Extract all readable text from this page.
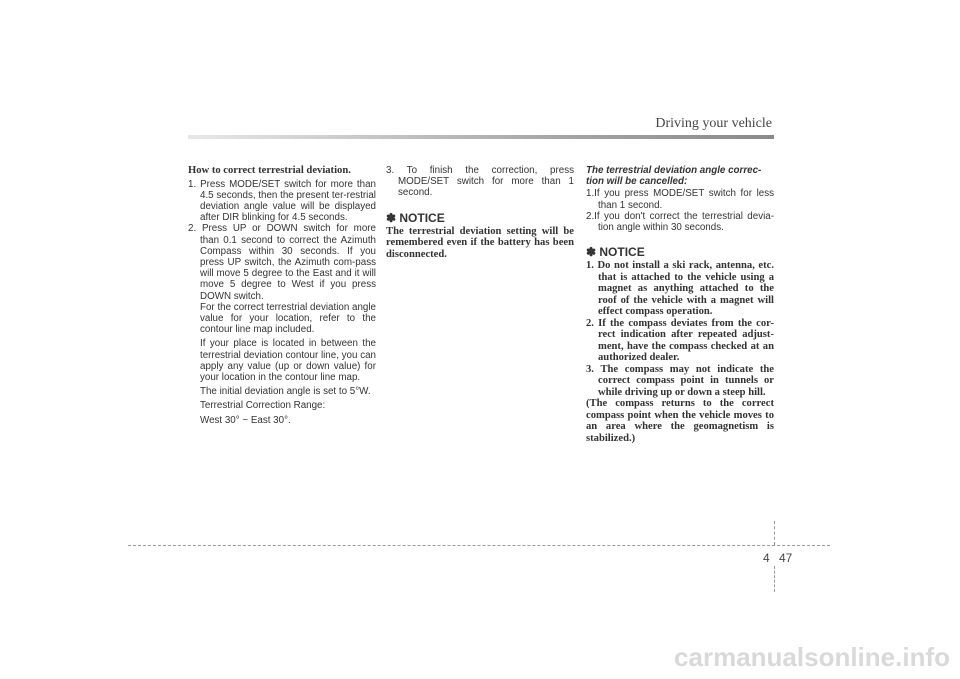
Driving your vehicle
How to correct terrestrial deviation.
1. Press MODE/SET switch for more than 4.5 seconds, then the present ter-restrial deviation angle value will be displayed after DIR blinking for 4.5 seconds.
2. Press UP or DOWN switch for more than 0.1 second to correct the Azimuth Compass within 30 seconds. If you press UP switch, the Azimuth com-pass will move 5 degree to the East and it will move 5 degree to West if you press DOWN switch.
For the correct terrestrial deviation angle value for your location, refer to the contour line map included.
If your place is located in between the terrestrial deviation contour line, you can apply any value (up or down value) for your location in the contour line map.
The initial deviation angle is set to 5°W.
Terrestrial Correction Range:
West 30° ~ East 30°.
3. To finish the correction, press MODE/SET switch for more than 1 second.
✽ NOTICE
The terrestrial deviation setting will be remembered even if the battery has been disconnected.
The terrestrial deviation angle correc-tion will be cancelled:
1.If you press MODE/SET switch for less than 1 second.
2.If you don't correct the terrestrial devia-tion angle within 30 seconds.
✽ NOTICE
1. Do not install a ski rack, antenna, etc. that is attached to the vehicle using a magnet as anything attached to the roof of the vehicle with a magnet will effect compass operation.
2. If the compass deviates from the cor-rect indication after repeated adjust-ment, have the compass checked at an authorized dealer.
3. The compass may not indicate the correct compass point in tunnels or while driving up or down a steep hill.
(The compass returns to the correct compass point when the vehicle moves to an area where the geomagnetism is stabilized.)
4 47
carmanualsonline.info
